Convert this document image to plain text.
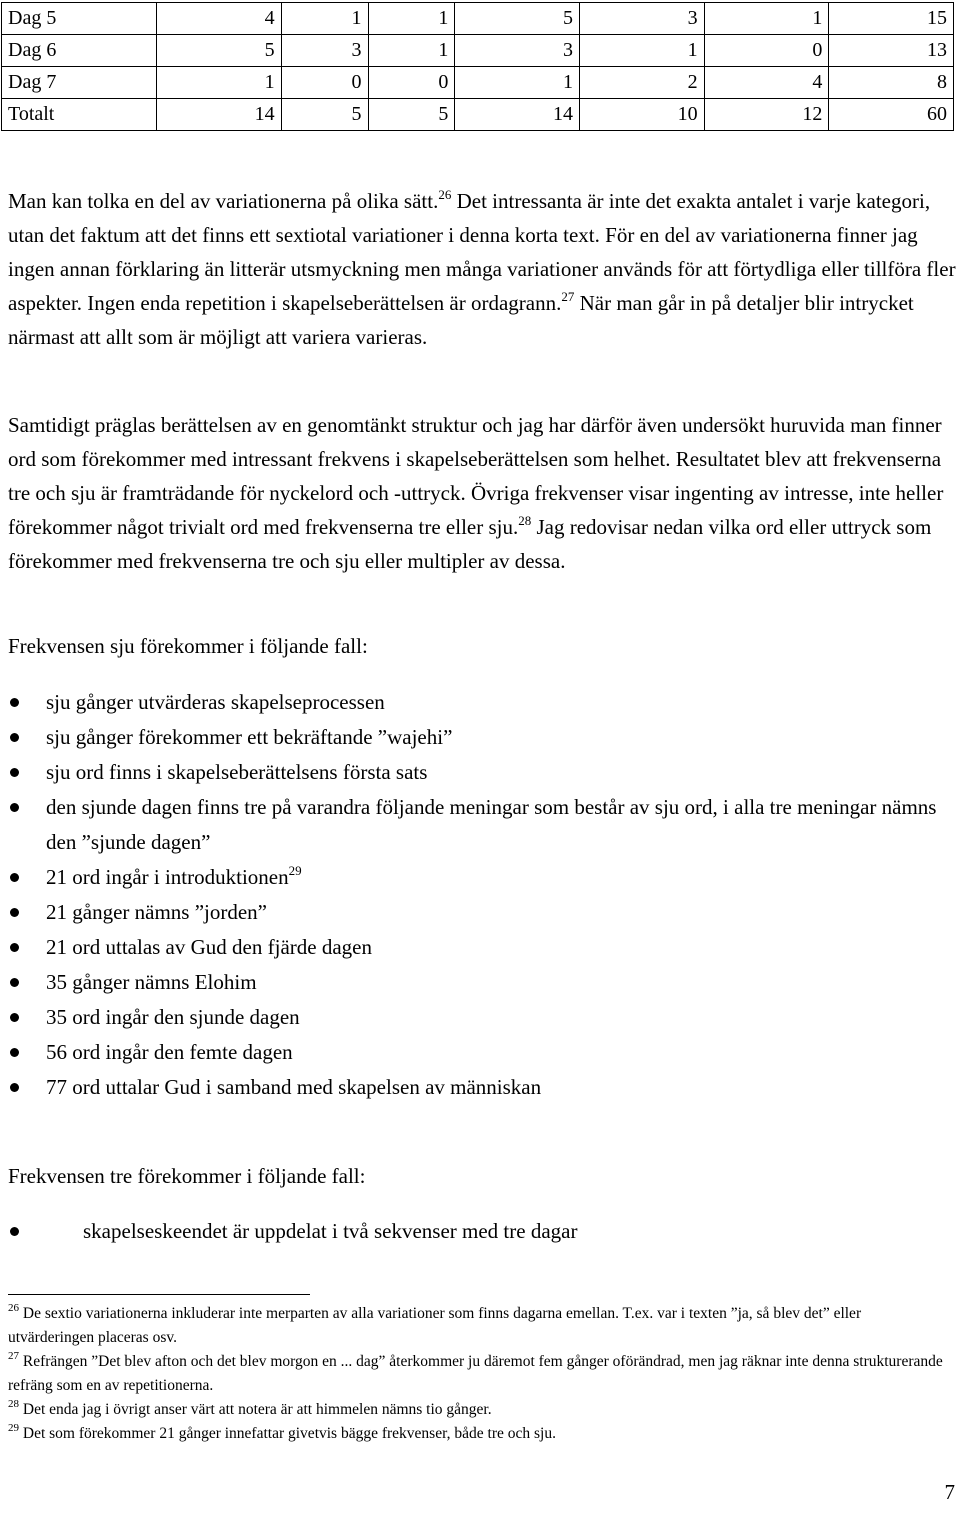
Dag 5	4	1	1	5	3	1	15
Dag 6	5	3	1	3	1	0	13
Dag 7	1	0	0	1	2	4	8
Totalt	14	5	5	14	10	12	60

Man kan tolka en del av variationerna på olika sätt.$^{26}$ Det intressanta är inte det exakta antalet i varje kategori, utan det faktum att det finns ett sextiotal variationer i denna korta text. För en del av variationerna finner jag ingen annan förklaring än litterär utsmyckning men många variationer används för att förtydliga eller tillföra fler aspekter. Ingen enda repetition i skapelseberättelsen är ordagrann.$^{27}$ När man går in på detaljer blir intrycket närmast att allt som är möjligt att variera varieras.

Samtidigt präglas berättelsen av en genomtänkt struktur och jag har därför även undersökt huruvida man finner ord som förekommer med intressant frekvens i skapelseberättelsen som helhet. Resultatet blev att frekvenserna tre och sju är framträdande för nyckelord och -uttryck. Övriga frekvenser visar ingenting av intresse, inte heller förekommer något trivialt ord med frekvenserna tre eller sju.$^{28}$ Jag redovisar nedan vilka ord eller uttryck som förekommer med frekvenserna tre och sju eller multipler av dessa.

Frekvensen sju förekommer i följande fall:

sju gånger utvärderas skapelseprocessen
sju gånger förekommer ett bekräftande ”wajehi”
sju ord finns i skapelseberättelsens första sats
den sjunde dagen finns tre på varandra följande meningar som består av sju ord, i alla tre meningar nämns den ”sjunde dagen”
21 ord ingår i introduktionen$^{29}$
21 gånger nämns ”jorden”
21 ord uttalas av Gud den fjärde dagen
35 gånger nämns Elohim
35 ord ingår den sjunde dagen
56 ord ingår den femte dagen
77 ord uttalar Gud i samband med skapelsen av människan

Frekvensen tre förekommer i följande fall:

skapelseskeendet är uppdelat i två sekvenser med tre dagar

$^{26}$ De sextio variationerna inkluderar inte merparten av alla variationer som finns dagarna emellan. T.ex. var i texten ”ja, så blev det” eller utvärderingen placeras osv.

$^{27}$ Refrängen ”Det blev afton och det blev morgon en ... dag” återkommer ju däremot fem gånger oförändrad, men jag räknar inte denna strukturerande refräng som en av repetitionerna.

$^{28}$ Det enda jag i övrigt anser värt att notera är att himmelen nämns tio gånger.

$^{29}$ Det som förekommer 21 gånger innefattar givetvis bägge frekvenser, både tre och sju.

7
